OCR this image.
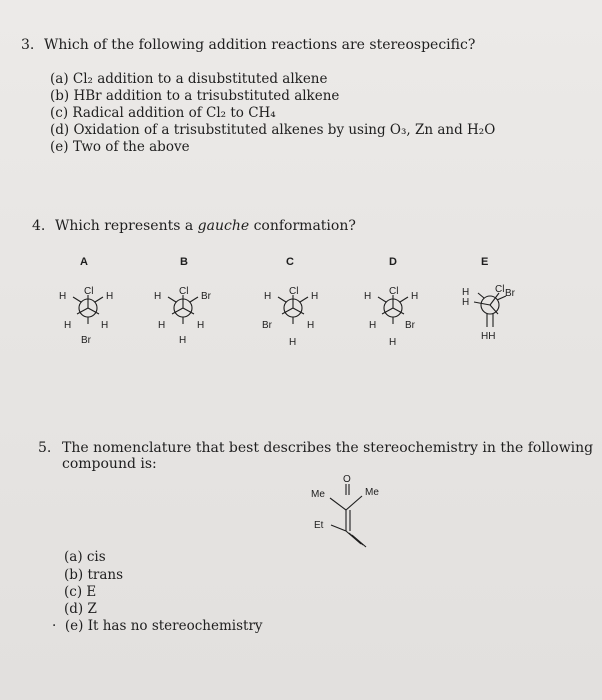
3. Which of the following addition reactions are stereospecific?
(a) Cl₂ addition to a disubstituted alkene
(b) HBr addition to a trisubstituted alkene
(c) Radical addition of Cl₂ to CH₄
(d) Oxidation of a trisubstituted alkenes by using O₃, Zn and H₂O
(e) Two of the above
4. Which represents a gauche conformation?
A	B	C	D	E
Cl
H	H
H	H
Br
Cl
H	Br
H	H
H
Cl
H	H
Br	H
H
Cl
H	H
H	Br
H
H
H
Cl Br
HH
O
Me	Me
Et
5. The nomenclature that best describes the stereochemistry in the following compound is:
(a) cis
(b) trans
(c) E
(d) Z
·  (e) It has no stereochemistry
